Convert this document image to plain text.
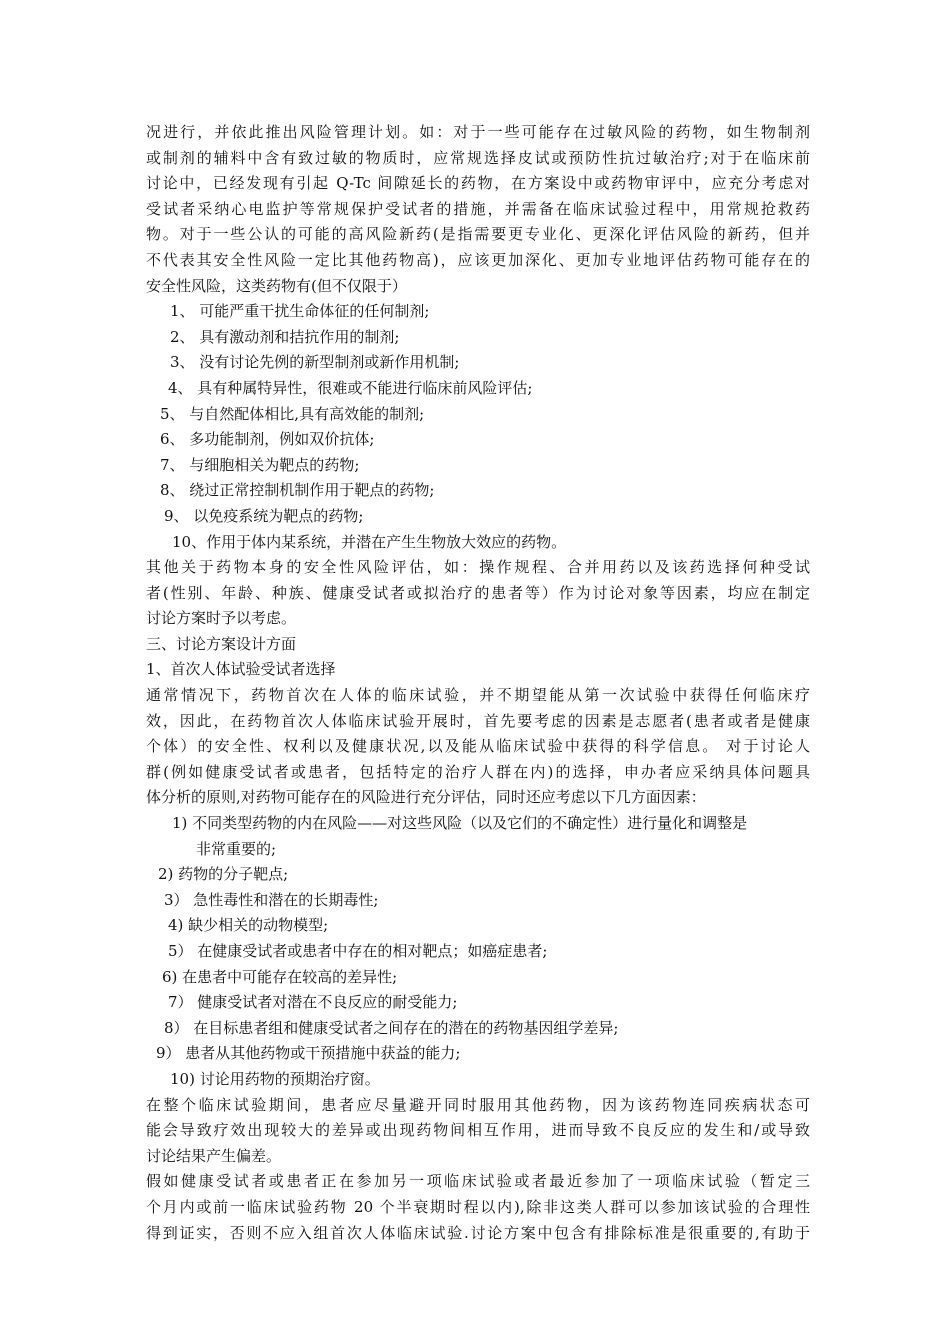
况进行，并依此推出风险管理计划。如：对于一些可能存在过敏风险的药物，如生物制剂
或制剂的辅料中含有致过敏的物质时，应常规选择皮试或预防性抗过敏治疗;对于在临床前
讨论中，已经发现有引起 Q-Tc 间隙延长的药物，在方案设中或药物审评中，应充分考虑对
受试者采纳心电监护等常规保护受试者的措施，并需备在临床试验过程中，用常规抢救药
物。对于一些公认的可能的高风险新药(是指需要更专业化、更深化评估风险的新药，但并
不代表其安全性风险一定比其他药物高)，应该更加深化、更加专业地评估药物可能存在的
安全性风险，这类药物有(但不仅限于）
1、 可能严重干扰生命体征的任何制剂;
2、 具有激动剂和拮抗作用的制剂;
3、 没有讨论先例的新型制剂或新作用机制;
4、 具有种属特异性，很难或不能进行临床前风险评估;
5、 与自然配体相比,具有高效能的制剂;
6、 多功能制剂，例如双价抗体;
7、 与细胞相关为靶点的药物;
8、 绕过正常控制机制作用于靶点的药物;
9、 以免疫系统为靶点的药物;
10、作用于体内某系统，并潜在产生生物放大效应的药物。
其他关于药物本身的安全性风险评估，如：操作规程、合并用药以及该药选择何种受试
者(性别、年龄、种族、健康受试者或拟治疗的患者等）作为讨论对象等因素，均应在制定
讨论方案时予以考虑。
三、讨论方案设计方面
1、首次人体试验受试者选择
通常情况下，药物首次在人体的临床试验，并不期望能从第一次试验中获得任何临床疗
效，因此，在药物首次人体临床试验开展时，首先要考虑的因素是志愿者(患者或者是健康
个体）的安全性、权利以及健康状况,以及能从临床试验中获得的科学信息。 对于讨论人
群(例如健康受试者或患者，包括特定的治疗人群在内)的选择，申办者应采纳具体问题具
体分析的原则,对药物可能存在的风险进行充分评估，同时还应考虑以下几方面因素：
1) 不同类型药物的内在风险——对这些风险（以及它们的不确定性）进行量化和调整是
非常重要的;
2) 药物的分子靶点;
3） 急性毒性和潜在的长期毒性;
4) 缺少相关的动物模型;
5） 在健康受试者或患者中存在的相对靶点；如癌症患者;
6) 在患者中可能存在较高的差异性;
7） 健康受试者对潜在不良反应的耐受能力;
8） 在目标患者组和健康受试者之间存在的潜在的药物基因组学差异;
9） 患者从其他药物或干预措施中获益的能力;
10) 讨论用药物的预期治疗窗。
在整个临床试验期间，患者应尽量避开同时服用其他药物，因为该药物连同疾病状态可
能会导致疗效出现较大的差异或出现药物间相互作用，进而导致不良反应的发生和/或导致
讨论结果产生偏差。
假如健康受试者或患者正在参加另一项临床试验或者最近参加了一项临床试验（暂定三
个月内或前一临床试验药物 20 个半衰期时程以内),除非这类人群可以参加该试验的合理性
得到证实，否则不应入组首次人体临床试验.讨论方案中包含有排除标准是很重要的,有助于
